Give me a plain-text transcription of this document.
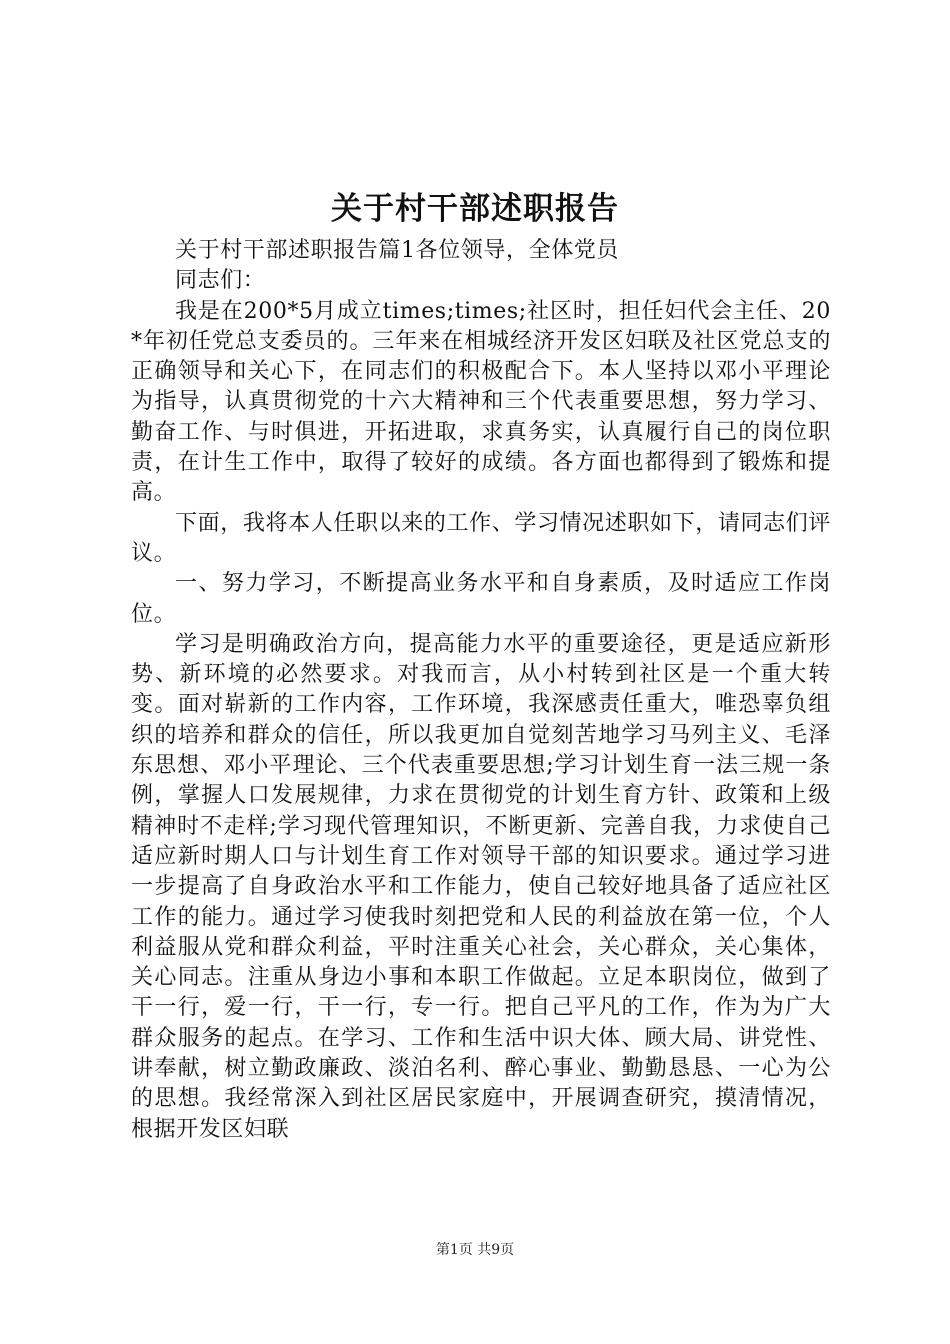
关于村干部述职报告

关于村干部述职报告篇1各位领导，全体党员

同志们：

我是在200*5月成立times;times;社区时，担任妇代会主任、20*年初任党总支委员的。三年来在相城经济开发区妇联及社区党总支的正确领导和关心下，在同志们的积极配合下。本人坚持以邓小平理论为指导，认真贯彻党的十六大精神和三个代表重要思想，努力学习、勤奋工作、与时俱进，开拓进取，求真务实，认真履行自己的岗位职责，在计生工作中，取得了较好的成绩。各方面也都得到了锻炼和提高。

下面，我将本人任职以来的工作、学习情况述职如下，请同志们评议。

一、努力学习，不断提高业务水平和自身素质，及时适应工作岗位。

学习是明确政治方向，提高能力水平的重要途径，更是适应新形势、新环境的必然要求。对我而言，从小村转到社区是一个重大转变。面对崭新的工作内容，工作环境，我深感责任重大，唯恐辜负组织的培养和群众的信任，所以我更加自觉刻苦地学习马列主义、毛泽东思想、邓小平理论、三个代表重要思想;学习计划生育一法三规一条例，掌握人口发展规律，力求在贯彻党的计划生育方针、政策和上级精神时不走样;学习现代管理知识，不断更新、完善自我，力求使自己适应新时期人口与计划生育工作对领导干部的知识要求。通过学习进一步提高了自身政治水平和工作能力，使自己较好地具备了适应社区工作的能力。通过学习使我时刻把党和人民的利益放在第一位，个人利益服从党和群众利益，平时注重关心社会，关心群众，关心集体，关心同志。注重从身边小事和本职工作做起。立足本职岗位，做到了干一行，爱一行，干一行，专一行。把自己平凡的工作，作为为广大群众服务的起点。在学习、工作和生活中识大体、顾大局、讲党性、讲奉献，树立勤政廉政、淡泊名利、醉心事业、勤勤恳恳、一心为公的思想。我经常深入到社区居民家庭中，开展调查研究，摸清情况，根据开发区妇联

第1页 共9页
